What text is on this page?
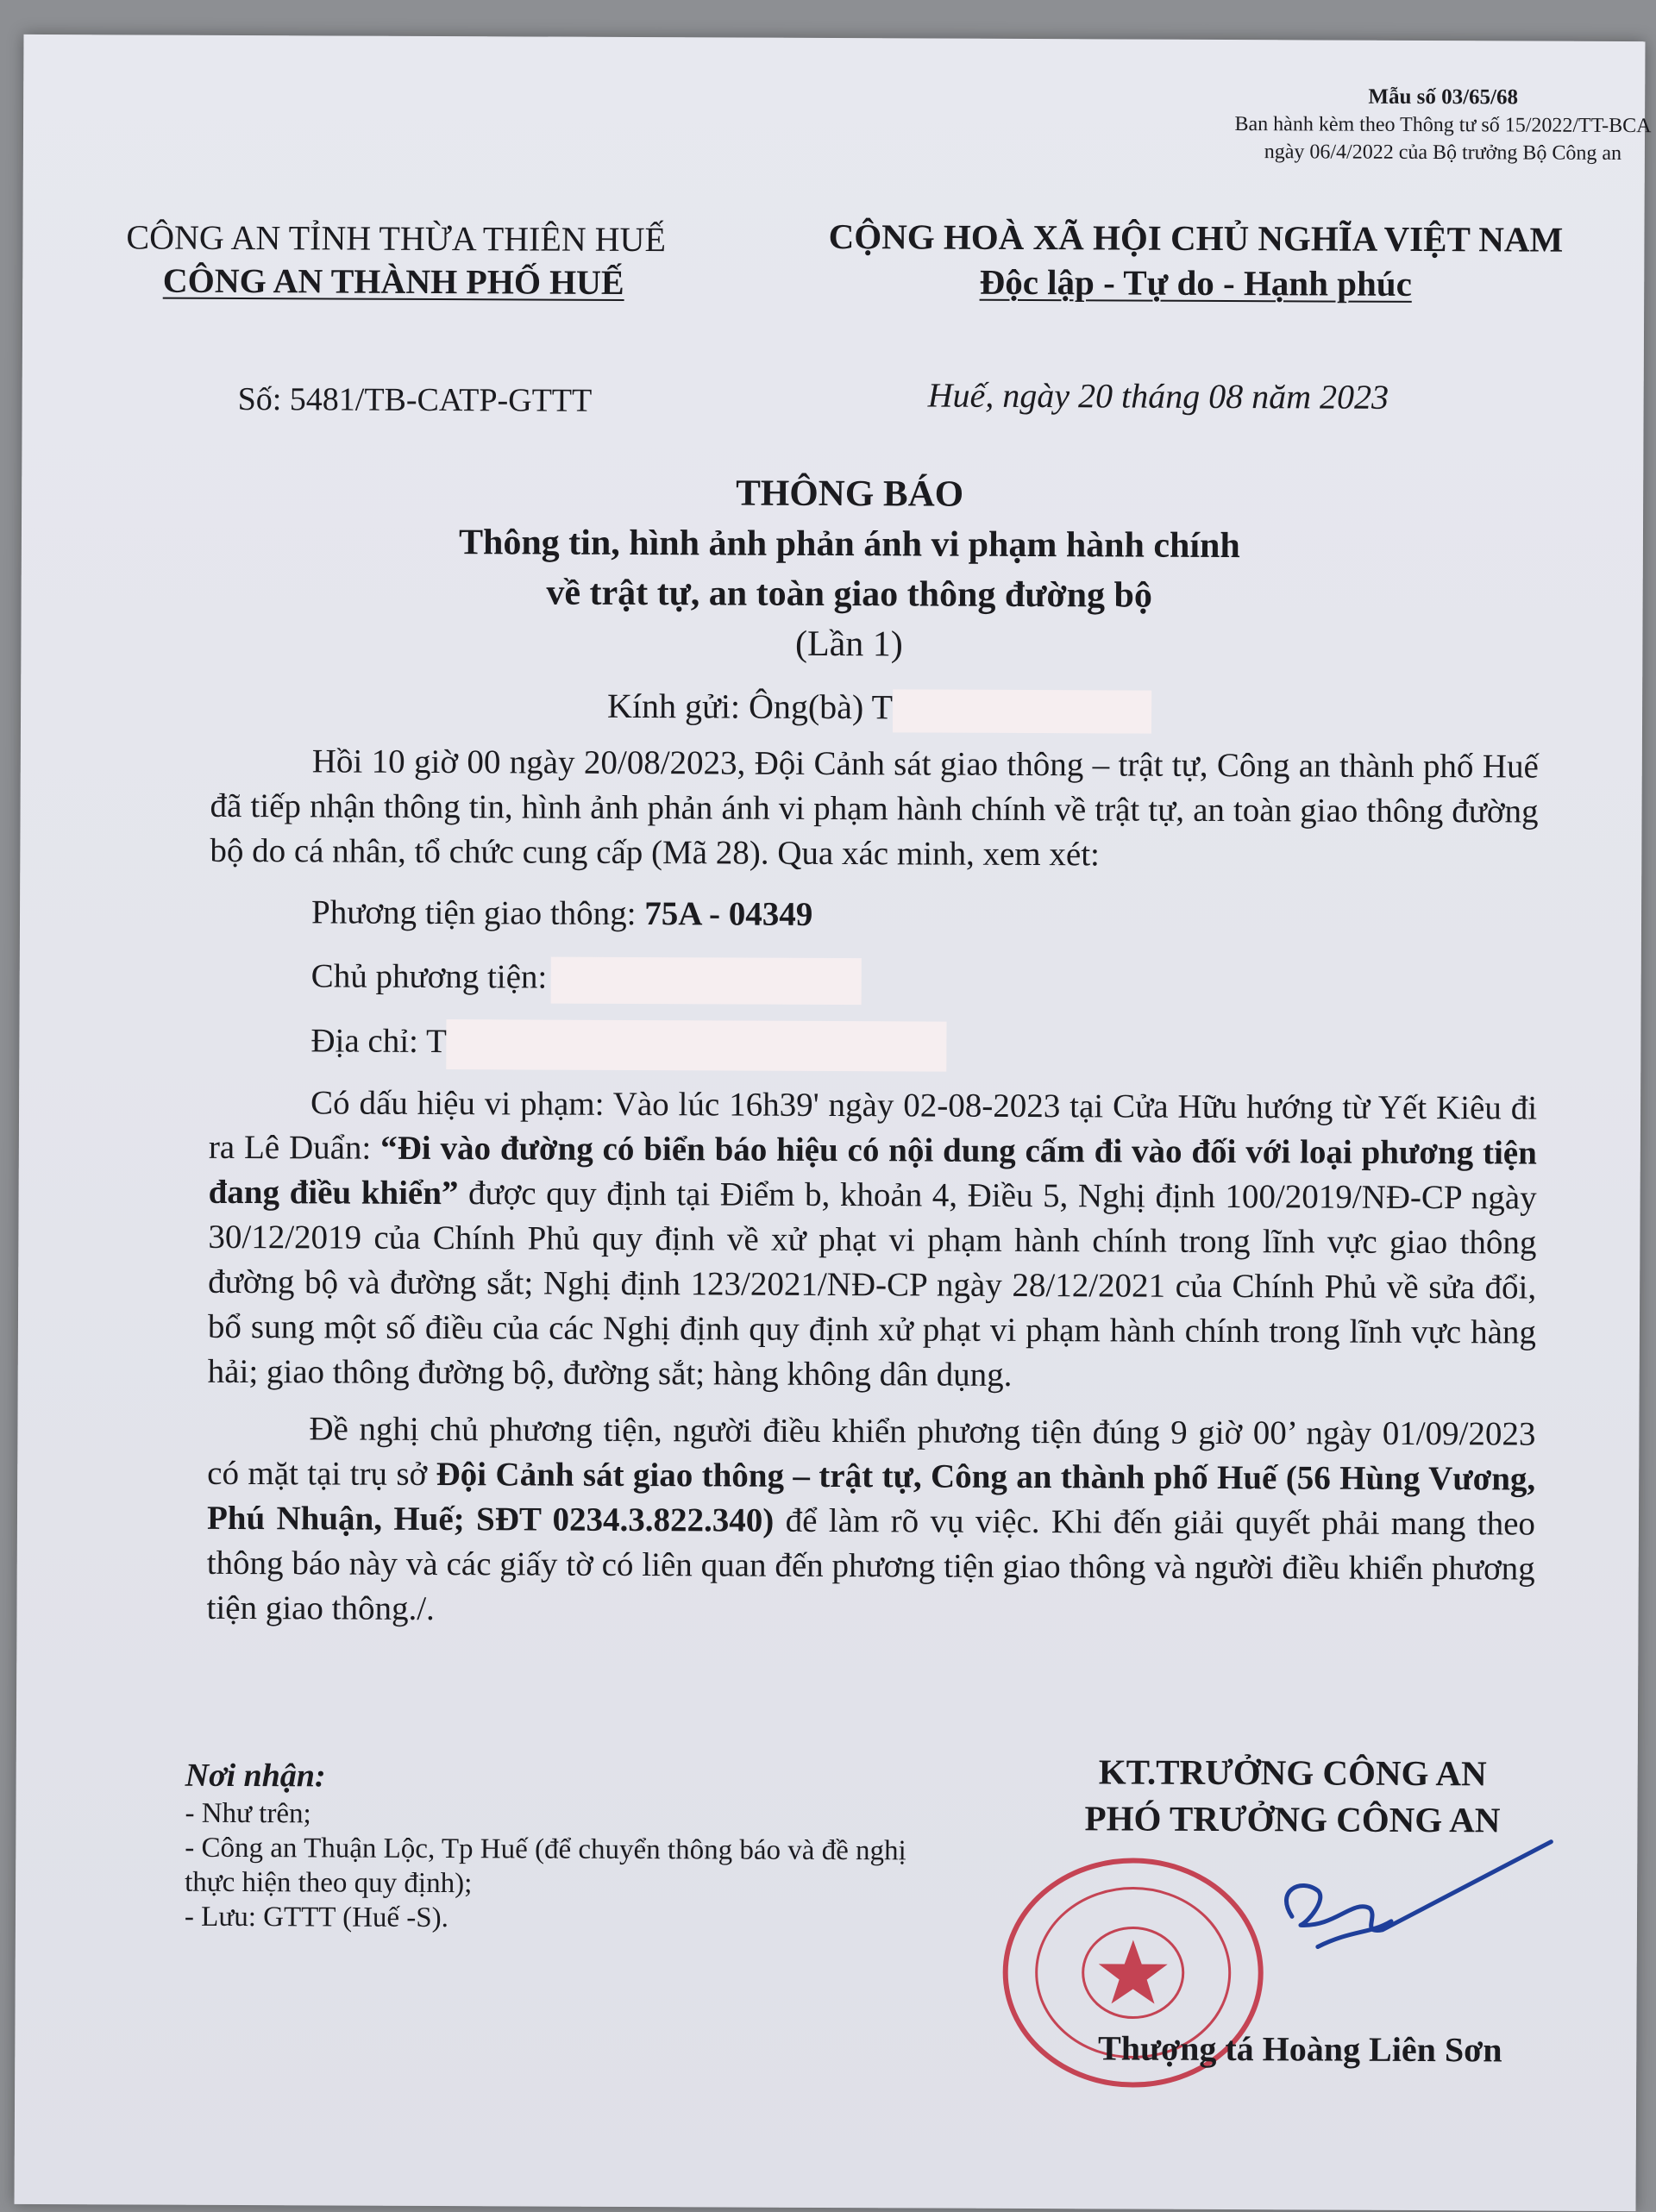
Mẫu số 03/65/68
Ban hành kèm theo Thông tư số 15/2022/TT-BCA
ngày 06/4/2022 của Bộ trưởng Bộ Công an
CÔNG AN TỈNH THỪA THIÊN HUẾ
CÔNG AN THÀNH PHỐ HUẾ
CỘNG HOÀ XÃ HỘI CHỦ NGHĨA VIỆT NAM
Độc lập - Tự do - Hạnh phúc
Số: 5481/TB-CATP-GTTT	Huế, ngày 20 tháng 08 năm 2023
THÔNG BÁO
Thông tin, hình ảnh phản ánh vi phạm hành chính
về trật tự, an toàn giao thông đường bộ
(Lần 1)
Kính gửi: Ông(bà) T

Hồi 10 giờ 00 ngày 20/08/2023, Đội Cảnh sát giao thông – trật tự, Công an thành phố Huế đã tiếp nhận thông tin, hình ảnh phản ánh vi phạm hành chính về trật tự, an toàn giao thông đường bộ do cá nhân, tổ chức cung cấp (Mã 28). Qua xác minh, xem xét:

Phương tiện giao thông: 75A - 04349

Chủ phương tiện:

Địa chỉ: T

Có dấu hiệu vi phạm: Vào lúc 16h39' ngày 02-08-2023 tại Cửa Hữu hướng từ Yết Kiêu đi ra Lê Duẩn: “Đi vào đường có biển báo hiệu có nội dung cấm đi vào đối với loại phương tiện đang điều khiển” được quy định tại Điểm b, khoản 4, Điều 5, Nghị định 100/2019/NĐ-CP ngày 30/12/2019 của Chính Phủ quy định về xử phạt vi phạm hành chính trong lĩnh vực giao thông đường bộ và đường sắt; Nghị định 123/2021/NĐ-CP ngày 28/12/2021 của Chính Phủ về sửa đổi, bổ sung một số điều của các Nghị định quy định xử phạt vi phạm hành chính trong lĩnh vực hàng hải; giao thông đường bộ, đường sắt; hàng không dân dụng.

Đề nghị chủ phương tiện, người điều khiển phương tiện đúng 9 giờ 00’ ngày 01/09/2023 có mặt tại trụ sở Đội Cảnh sát giao thông – trật tự, Công an thành phố Huế (56 Hùng Vương, Phú Nhuận, Huế; SĐT 0234.3.822.340) để làm rõ vụ việc. Khi đến giải quyết phải mang theo thông báo này và các giấy tờ có liên quan đến phương tiện giao thông và người điều khiển phương tiện giao thông./.

Nơi nhận:
- Như trên;
- Công an Thuận Lộc, Tp Huế (để chuyển thông báo và đề nghị thực hiện theo quy định);
- Lưu: GTTT (Huế -S).
KT.TRƯỞNG CÔNG AN
PHÓ TRƯỞNG CÔNG AN
Thượng tá Hoàng Liên Sơn
